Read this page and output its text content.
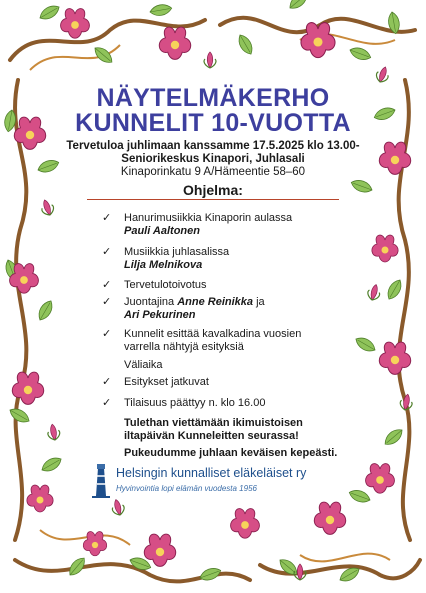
NÄYTELMÄKERHO
KUNNELIT 10-VUOTTA
Tervetuloa juhlimaan kanssamme 17.5.2025 klo 13.00-
Seniorikeskus Kinapori, Juhlasali
Kinaporinkatu 9 A/Hämeentie 58–60
Ohjelma:
✓ Hanurimusiikkia Kinaporin aulassa
Pauli Aaltonen
✓ Musiikkia juhlasalissa
Lilja Melnikova
✓ Tervetulotoivotus
✓ Juontajina Anne Reinikka ja
Ari Pekurinen
✓ Kunnelit esittää kavalkadina vuosien
varrella nähtyjä esityksiä
Väliaika
✓ Esitykset jatkuvat
✓ Tilaisuus päättyy n. klo 16.00
Tulethan viettämään ikimuistoisen
iltapäivän Kunneleitten seurassa!
Pukeudumme juhlaan keväisen kepeästi.
Helsingin kunnalliset eläkeläiset ry
Hyvinvointia lopi elämän vuodesta 1956
